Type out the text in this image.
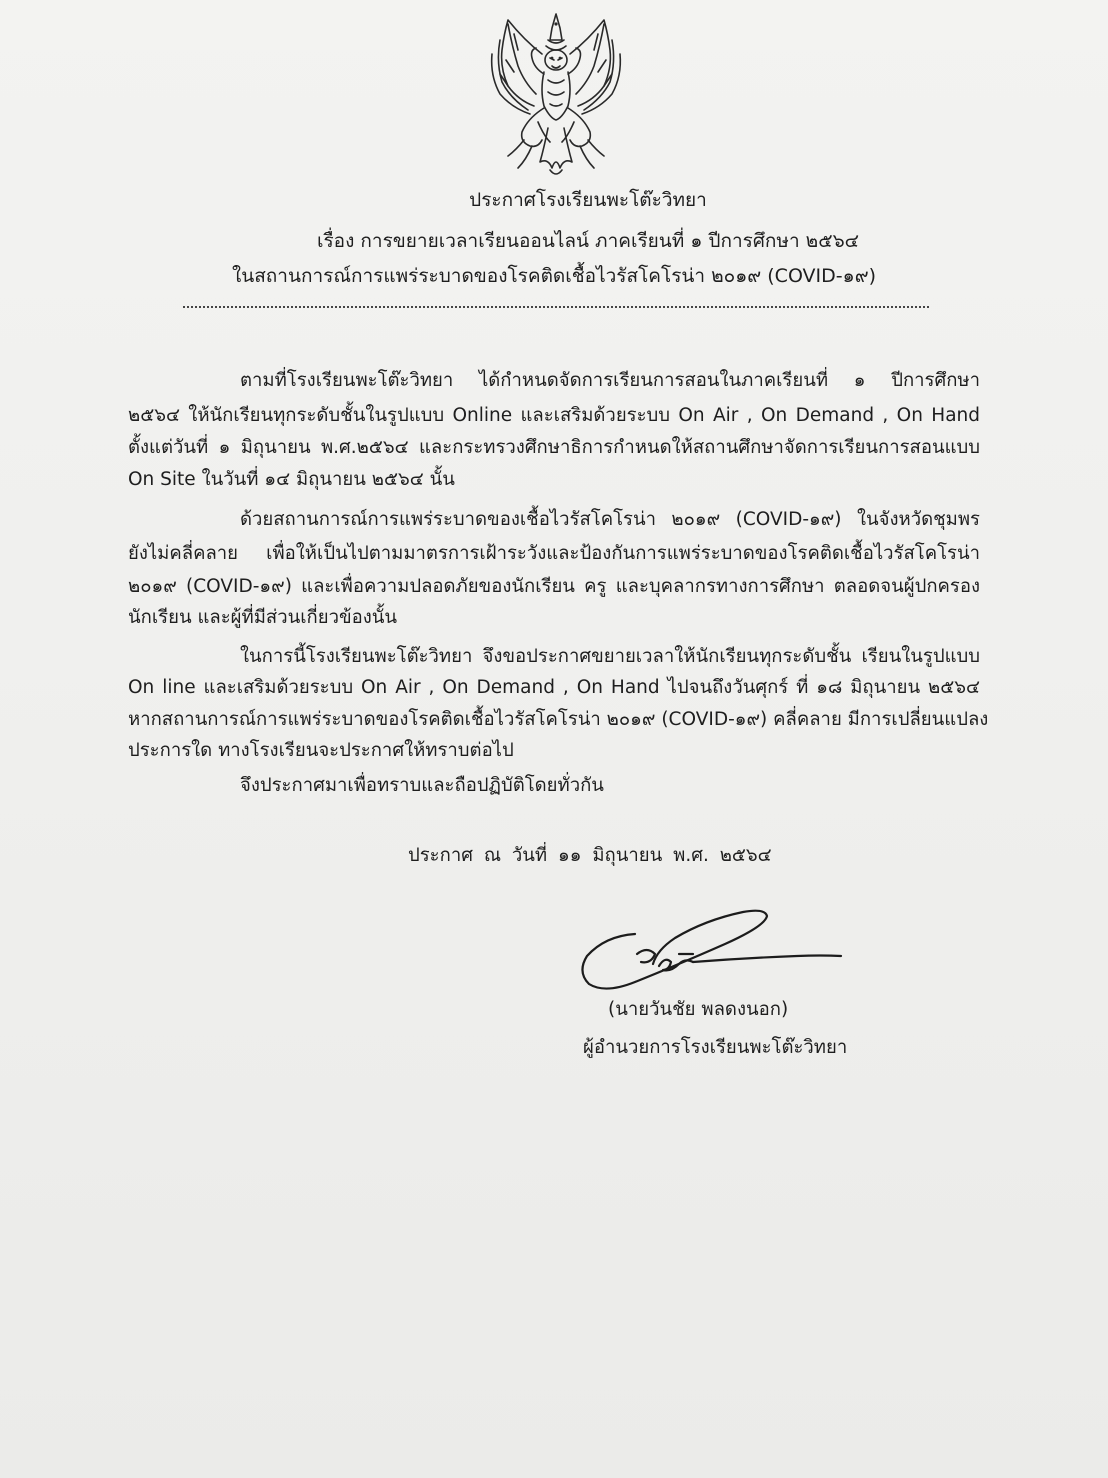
ประกาศโรงเรียนพะโต๊ะวิทยา
เรื่อง การขยายเวลาเรียนออนไลน์ ภาคเรียนที่ ๑ ปีการศึกษา ๒๕๖๔
ในสถานการณ์การแพร่ระบาดของโรคติดเชื้อไวรัสโคโรน่า ๒๐๑๙ (COVID-๑๙)
ตามที่โรงเรียนพะโต๊ะวิทยา ได้กำหนดจัดการเรียนการสอนในภาคเรียนที่ ๑ ปีการศึกษา
๒๕๖๔ ให้นักเรียนทุกระดับชั้นในรูปแบบ Online และเสริมด้วยระบบ On Air , On Demand , On Hand
ตั้งแต่วันที่ ๑ มิถุนายน พ.ศ.๒๕๖๔ และกระทรวงศึกษาธิการกำหนดให้สถานศึกษาจัดการเรียนการสอนแบบ
On Site ในวันที่ ๑๔ มิถุนายน ๒๕๖๔ นั้น
ด้วยสถานการณ์การแพร่ระบาดของเชื้อไวรัสโคโรน่า ๒๐๑๙ (COVID-๑๙) ในจังหวัดชุมพร
ยังไม่คลี่คลาย เพื่อให้เป็นไปตามมาตรการเฝ้าระวังและป้องกันการแพร่ระบาดของโรคติดเชื้อไวรัสโคโรน่า
๒๐๑๙ (COVID-๑๙) และเพื่อความปลอดภัยของนักเรียน ครู และบุคลากรทางการศึกษา ตลอดจนผู้ปกครอง
นักเรียน และผู้ที่มีส่วนเกี่ยวข้องนั้น
ในการนี้โรงเรียนพะโต๊ะวิทยา จึงขอประกาศขยายเวลาให้นักเรียนทุกระดับชั้น เรียนในรูปแบบ
On line และเสริมด้วยระบบ On Air , On Demand , On Hand ไปจนถึงวันศุกร์ ที่ ๑๘ มิถุนายน ๒๕๖๔
หากสถานการณ์การแพร่ระบาดของโรคติดเชื้อไวรัสโคโรน่า ๒๐๑๙ (COVID-๑๙) คลี่คลาย มีการเปลี่ยนแปลง
ประการใด ทางโรงเรียนจะประกาศให้ทราบต่อไป
จึงประกาศมาเพื่อทราบและถือปฏิบัติโดยทั่วกัน
ประกาศ ณ วันที่ ๑๑ มิถุนายน พ.ศ. ๒๕๖๔
(นายวันชัย พลดงนอก)
ผู้อำนวยการโรงเรียนพะโต๊ะวิทยา
